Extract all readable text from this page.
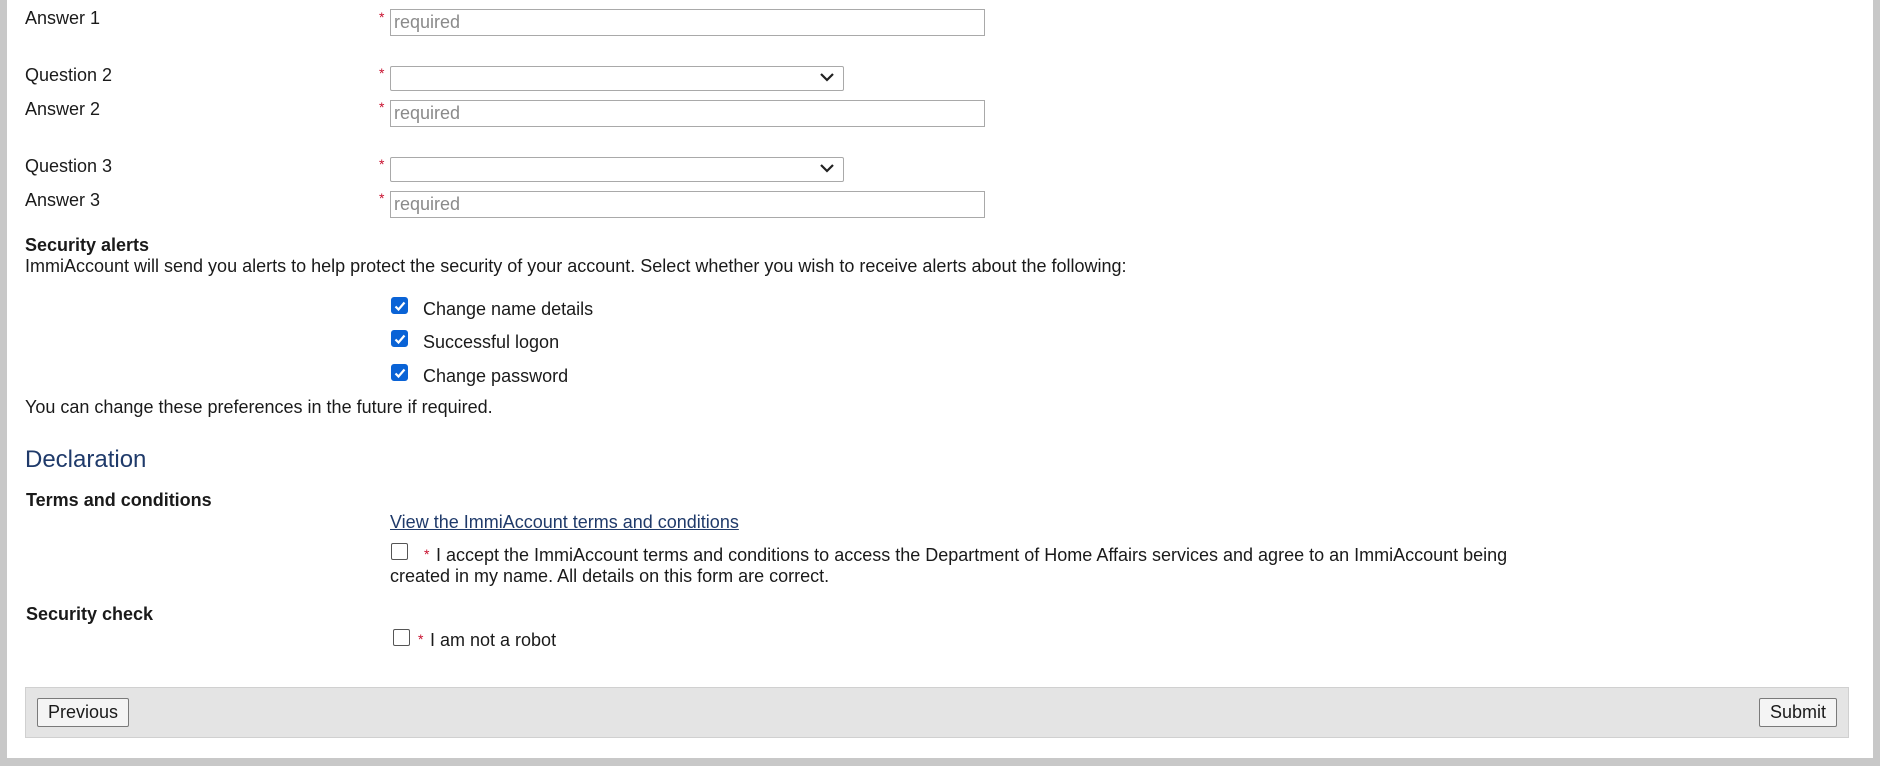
Answer 1	*
required
Question 2	*
Answer 2	*
required
Question 3	*
Answer 3	*
required
Security alerts
ImmiAccount will send you alerts to help protect the security of your account. Select whether you wish to receive alerts about the following:
Change name details
Successful logon
Change password
You can change these preferences in the future if required.
Declaration
Terms and conditions
View the ImmiAccount terms and conditions
* I accept the ImmiAccount terms and conditions to access the Department of Home Affairs services and agree to an ImmiAccount being
created in my name. All details on this form are correct.
Security check
* I am not a robot
Previous	Submit
